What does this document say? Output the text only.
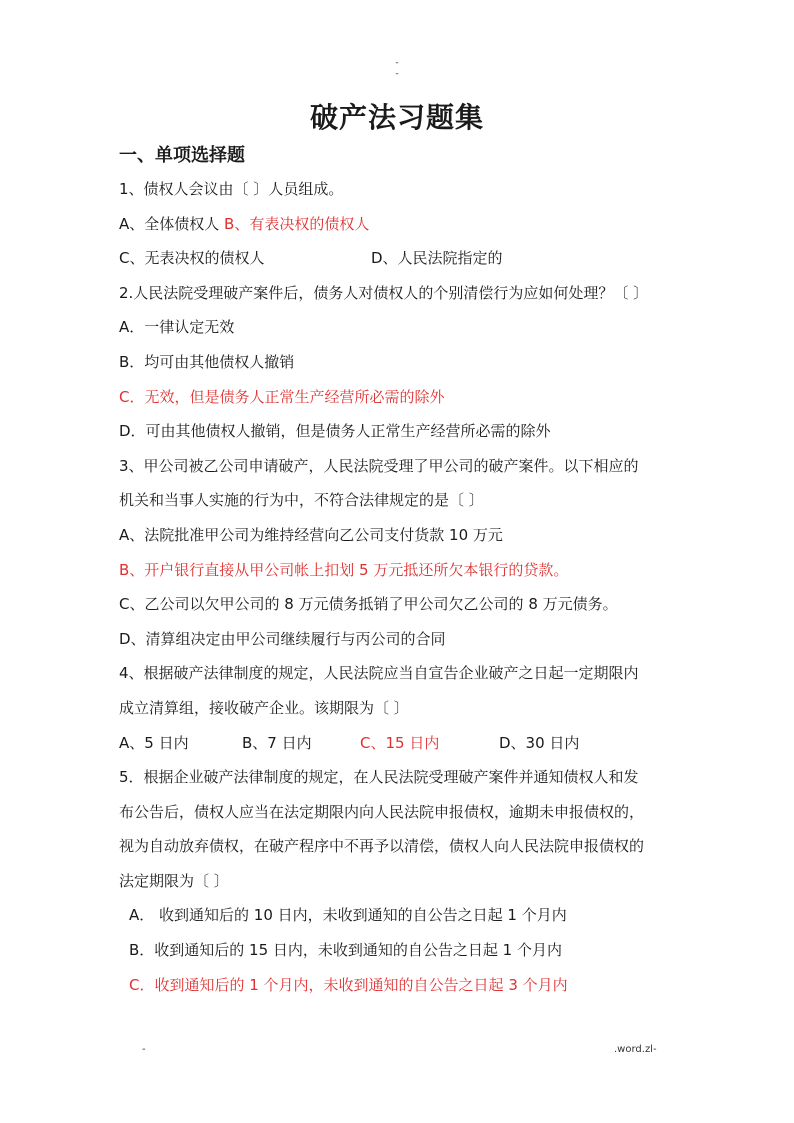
-
-
破产法习题集
一、单项选择题
1、债权人会议由〔 〕人员组成。
A、全体债权人 B、有表决权的债权人
C、无表决权的债权人	D、人民法院指定的
2.人民法院受理破产案件后，债务人对债权人的个别清偿行为应如何处理？〔 〕
A．一律认定无效
B．均可由其他债权人撤销
C．无效，但是债务人正常生产经营所必需的除外
D．可由其他债权人撤销，但是债务人正常生产经营所必需的除外
3、甲公司被乙公司申请破产，人民法院受理了甲公司的破产案件。以下相应的
机关和当事人实施的行为中，不符合法律规定的是〔 〕
A、法院批准甲公司为维持经营向乙公司支付货款 10 万元
B、开户银行直接从甲公司帐上扣划 5 万元抵还所欠本银行的贷款。
C、乙公司以欠甲公司的 8 万元债务抵销了甲公司欠乙公司的 8 万元债务。
D、清算组决定由甲公司继续履行与丙公司的合同
4、根据破产法律制度的规定，人民法院应当自宣告企业破产之日起一定期限内
成立清算组，接收破产企业。该期限为〔 〕
A、5 日内	B、7 日内	C、15 日内	D、30 日内
5．根据企业破产法律制度的规定，在人民法院受理破产案件并通知债权人和发
布公告后，债权人应当在法定期限内向人民法院申报债权，逾期未申报债权的，
视为自动放弃债权，在破产程序中不再予以清偿，债权人向人民法院申报债权的
法定期限为〔 〕
A． 收到通知后的 10 日内，未收到通知的自公告之日起 1 个月内
B．收到通知后的 15 日内，未收到通知的自公告之日起 1 个月内
C．收到通知后的 1 个月内，未收到通知的自公告之日起 3 个月内
-	.word.zl-
